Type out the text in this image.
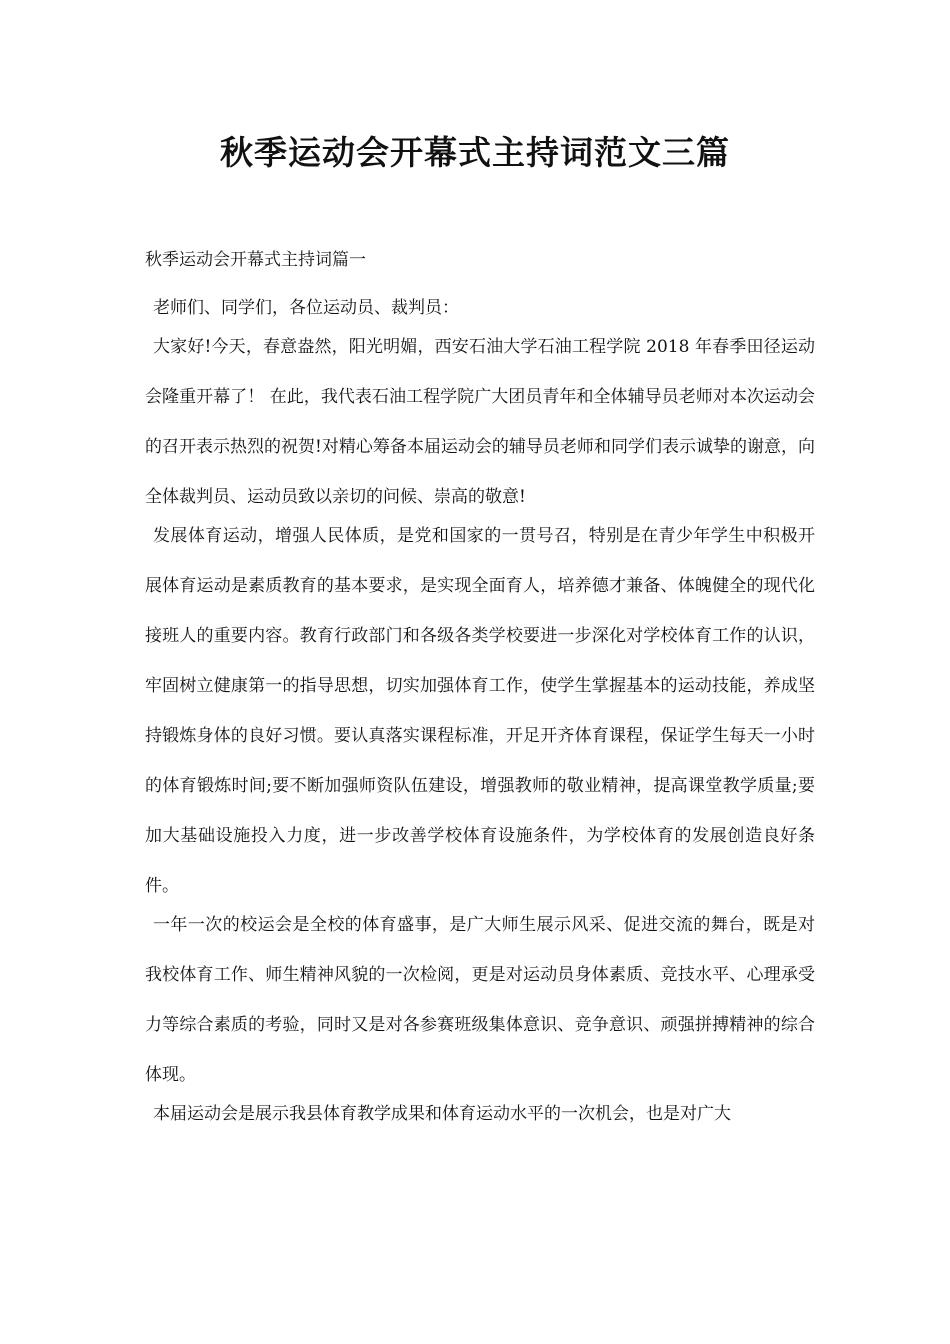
秋季运动会开幕式主持词范文三篇

秋季运动会开幕式主持词篇一

老师们、同学们，各位运动员、裁判员：

大家好!今天，春意盎然，阳光明媚，西安石油大学石油工程学院 2018 年春季田径运动会隆重开幕了！ 在此，我代表石油工程学院广大团员青年和全体辅导员老师对本次运动会的召开表示热烈的祝贺!对精心筹备本届运动会的辅导员老师和同学们表示诚挚的谢意，向全体裁判员、运动员致以亲切的问候、崇高的敬意!

发展体育运动，增强人民体质，是党和国家的一贯号召，特别是在青少年学生中积极开展体育运动是素质教育的基本要求，是实现全面育人，培养德才兼备、体魄健全的现代化接班人的重要内容。教育行政部门和各级各类学校要进一步深化对学校体育工作的认识，牢固树立健康第一的指导思想，切实加强体育工作，使学生掌握基本的运动技能，养成坚持锻炼身体的良好习惯。要认真落实课程标准，开足开齐体育课程，保证学生每天一小时的体育锻炼时间;要不断加强师资队伍建设，增强教师的敬业精神，提高课堂教学质量;要加大基础设施投入力度，进一步改善学校体育设施条件，为学校体育的发展创造良好条件。

一年一次的校运会是全校的体育盛事，是广大师生展示风采、促进交流的舞台，既是对我校体育工作、师生精神风貌的一次检阅，更是对运动员身体素质、竞技水平、心理承受力等综合素质的考验，同时又是对各参赛班级集体意识、竞争意识、顽强拼搏精神的综合体现。

本届运动会是展示我县体育教学成果和体育运动水平的一次机会，也是对广大
